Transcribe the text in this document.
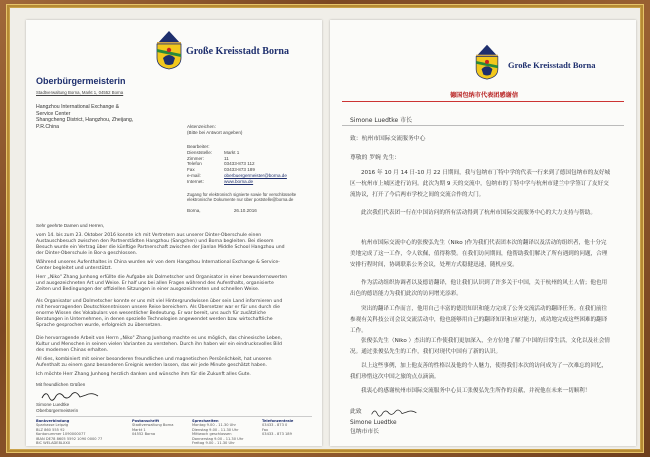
Große Kreisstadt Borna
Oberbürgermeisterin
Stadtverwaltung Borna, Markt 1, 04552 Borna
Hangzhou International Exchange &
Service Center
Shangcheng District, Hangzhou, Zheijang,
P.R.China	Aktenzeichen:
(Bitte bei Antwort angeben)
Bearbeiter:
Dienststelle:	Markt 1
Zimmer:	11
Telefon	03433-873 112
Fax	03433-873 189
e-mail:	oberbuergermeister@borna.de
Internet:	www.borna.de
Zugang für elektronisch signierte sowie für verschlüsselte
elektronische Dokumente nur über poststelle@borna.de
Borna,	26.10.2016
Sehr geehrte Damen und Herren,
vom 14. bis zum 23. Oktober 2016 konnte ich mit Vertretern aus unserer Dinter-Oberschule einen Austauschbesuch zwischen den Partnerstädten Hangzhou (Sangchen) und Borna begleiten. Bei diesem Besuch wurde ein Vertrag über die künftige Partnerschaft zwischen der Jianlan Middle School Hangzhou und der Dinter-Oberschule in Bor-a geschlossen.
Während unseres Aufenthaltes in China wurden wir von dem Hangzhou International Exchange & Service-Center begleitet und unterstützt.
Herr „Niko" Zhang Junhong erfüllte die Aufgabe als Dolmetscher und Organisator in einer bewundernswerten und ausgezeichneten Art und Weise. Er half uns bei allen Fragen während des Aufenthalts, organisierte Zeiten und Bedingungen der offiziellen Sitzungen in einer ausgezeichneten und schnellen Weise.
Als Organisator und Dolmetscher konnte er uns mit viel Hintergrundwissen über sein Land informieren und mit hervorragenden Deutschkenntnissen unsere Reise bereichern. Als Übersetzer war er für uns durch die enorme Wissen des Vokabulars von wesentlicher Bedeutung. Er war bereit, uns auch für zusätzliche Beratungen in Unternehmen, in denen spezielle Technologien angewendet werden bzw. wirtschaftliche Sprache gesprochen wurde, erfolgreich zu übersetzen.
Die hervorragende Arbeit von Herrn „Niko" Zhang Junhong machte es uns möglich, das chinesische Leben, Kultur und Menschen in seinen vielen Varianten zu verstehen. Durch ihn haben wir ein eindrucksvolles Bild des modernen Chinas erhalten.
All dies, kombiniert mit seiner besonderen freundlichen und magnetischen Persönlichkeit, hat unseren Aufenthalt zu einem ganz besonderen Ereignis werden lassen, das wir jede Minute geschätzt haben.
Ich möchte Herr Zhang Junhong herzlich danken und wünsche ihm für die Zukunft alles Gute.
Mit freundlichen Grüßen
Simone Luedtke
Oberbürgermeisterin
Bankverbindung
Sparkasse Leipzig
BLZ 860 555 92
Kontonummer 1090000077
IBAN DE78 8605 5592 1090 0000 77
BIC WELADE8LXXX
Postanschrift
Stadtverwaltung Borna
Markt 1
04552 Borna
Sprechzeiten
Montag 9.00 - 11.30 Uhr
Dienstag 9.00 - 11.30 Uhr
Mittwoch geschlossen
Donnerstag 9.00 - 11.30 Uhr
Freitag 9.00 - 11.30 Uhr
Telefonzentrale
03433 - 873 0
Fax
03433 - 873 189
Große Kreisstadt Borna
德国包纳市代表团感谢信
Simone Luedtke 市长
致：杭州市国际交流服务中心
尊敬的 罗婉 先生：
2016 年 10 月 14 日-10 月 22 日期间，我与包纳市丁特中学的代表一行来到了德国包纳市的友好城区一杭州市上城区进行访问。此次为期 9 天的交流中，包纳市的丁特中学与杭州市建兰中学签订了友好交流协议，打开了今后两市学校之间的交流合作的大门。
此次我们代表团一行在中国访问的所有活动得到了杭州市国际交流服务中心的大力支持与帮助。
杭州市国际交流中心的张俊弘先生（Niko )作为我们代表团本次的翻译以及活动的组织者，他十分完美地完成了这一工作，令人钦佩，值得称赞。在我们访问期间，他帮助我们解决了所有遇到的问题，合理安排行程时间，协调联系公务会议，处理方式稳健迅速，随机应变。
作为活动组织协调者以及德语翻译，他让我们认识到了许多关于中国，关于杭州的风土人情；他也用出色的德语能力为我们此次的访问增光添彩。
突出的翻译工作而言，他用自己丰富的德语知识和能力完成了公务交流活动的翻译任务。在我们前往参观有关科技公司会议交流活动中，他也能够用自己的翻译知识和应对能力，成功地完成这些困难的翻译工作。
张俊弘先生（Niko ）杰出的工作使我们更加深入，全方位地了解了中国的日常生活，文化以及社会情况。通过张俊弘先生的工作，我们对现代中国有了新的认识。
以上这些事例，加上他友善的性格以及他的个人魅力，使得我们本次的访问成为了一次难忘的回忆，我们珍惜这次中国之旅的点点滴滴。
我衷心的感谢杭州市国际交流服务中心员工张俊弘先生所作的贡献，并祝他在未来一切顺利！
此致
Simone Luedtke
包纳市市长
